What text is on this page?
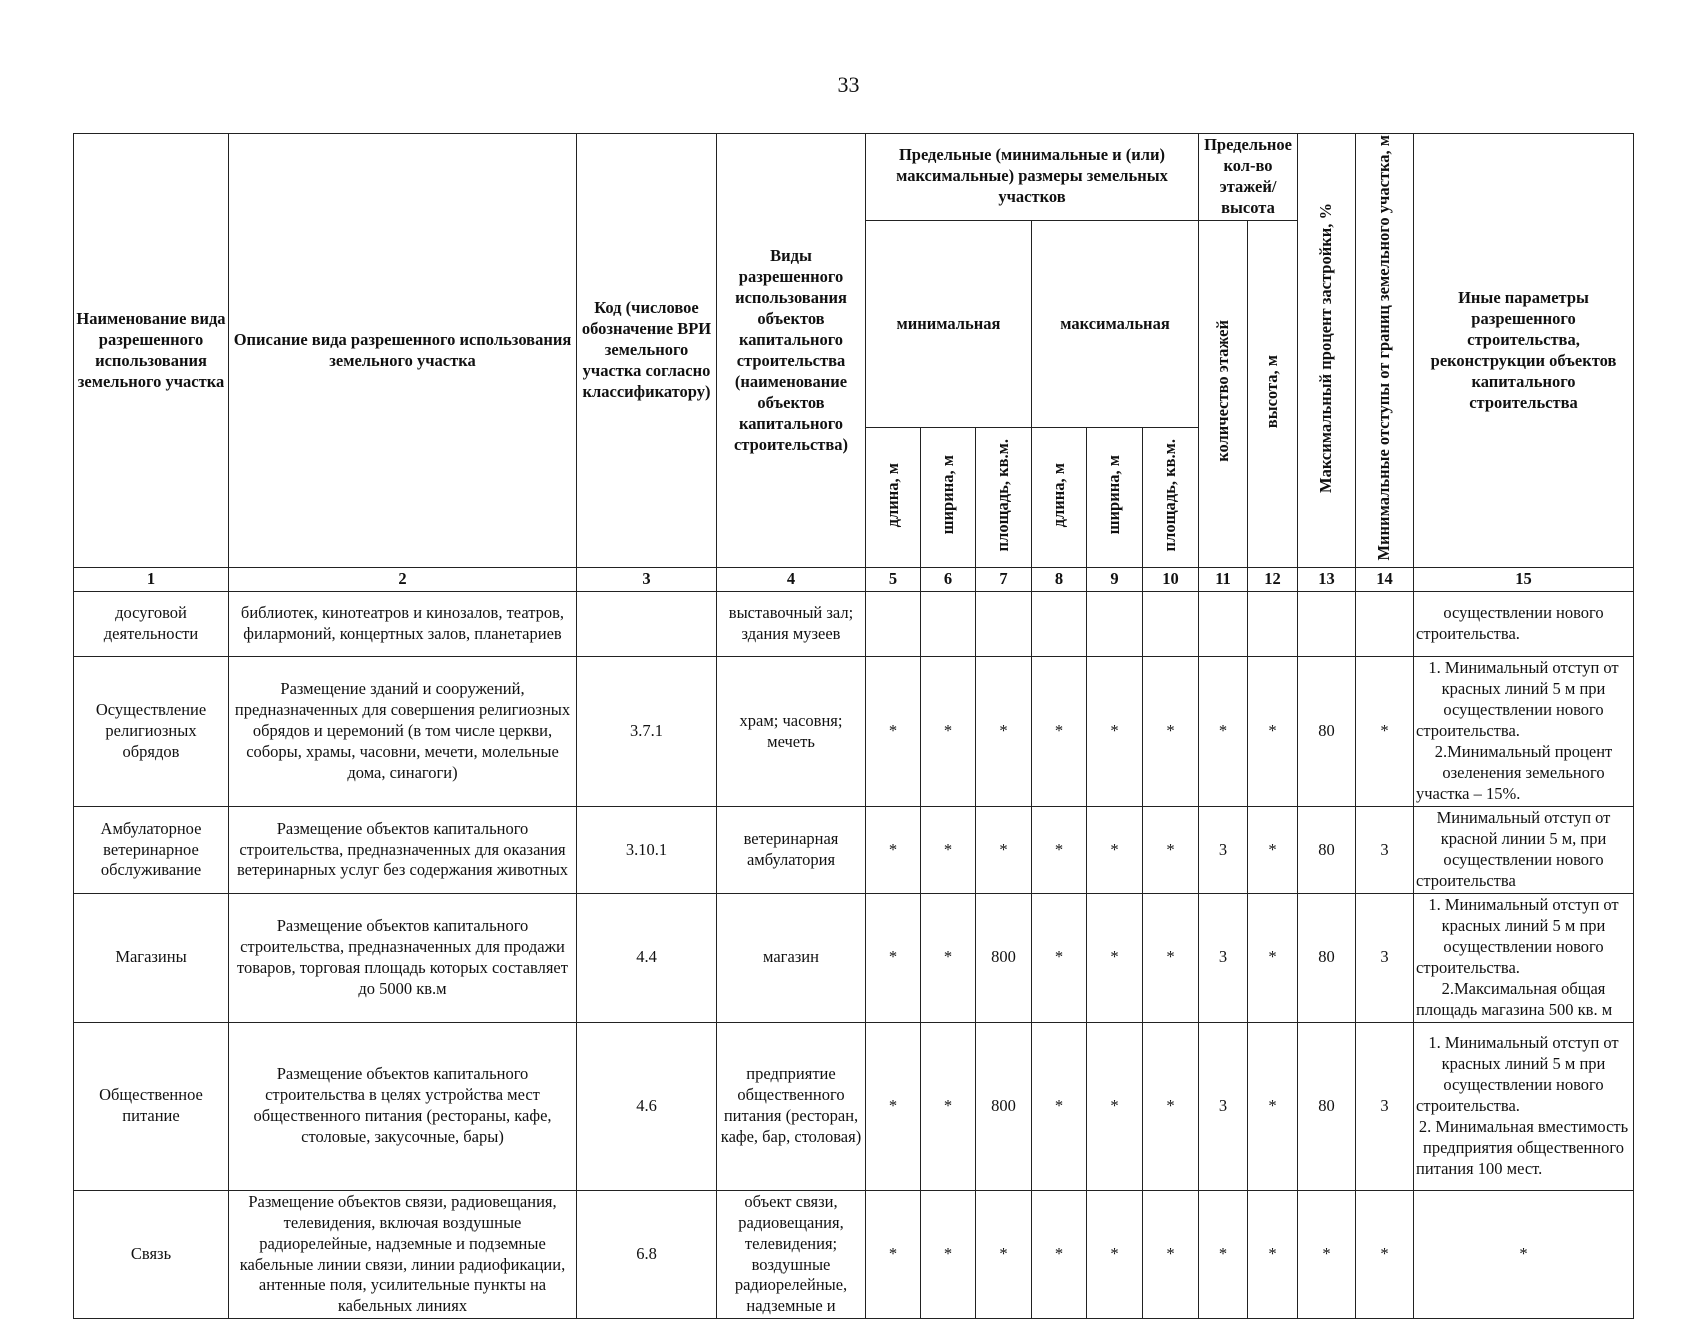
33
Наименование вида разрешенного использования земельного участка	Описание вида разрешенного использования земельного участка	Код (числовое обозначение ВРИ земельного участка согласно классификатору)	Виды разрешенного использования объектов капитального строительства (наименование объектов капитального строительства)	Предельные (минимальные и (или) максимальные) размеры земельных участков						Предельное кол-во этажей/ высота		Максимальный процент застройки, %	Минимальные отступы от границ земельного участка, м	Иные параметры разрешенного строительства, реконструкции объектов капитального строительства
				минимальная			максимальная			количество этажей	высота, м			
				длина, м	ширина, м	площадь, кв.м.	длина, м	ширина, м	площадь, кв.м.					
1	2	3	4	5	6	7	8	9	10	11	12	13	14	15
досуговой деятельности	библиотек, кинотеатров и кинозалов, театров, филармоний, концертных залов, планетариев		выставочный зал; здания музеев											осуществлении нового строительства.

Осуществление религиозных обрядов	Размещение зданий и сооружений, предназначенных для совершения религиозных обрядов и церемоний (в том числе церкви, соборы, храмы, часовни, мечети, молельные дома, синагоги)	3.7.1	храм; часовня; мечеть	*	*	*	*	*	*	*	*	80	*	1. Минимальный отступ от красных линий 5 м при осуществлении нового строительства.
2.Минимальный процент озеленения земельного участка – 15%.

Амбулаторное ветеринарное обслуживание	Размещение объектов капитального строительства, предназначенных для оказания ветеринарных услуг без содержания животных	3.10.1	ветеринарная амбулатория	*	*	*	*	*	*	3	*	80	3	Минимальный отступ от красной линии 5 м, при осуществлении нового строительства

Магазины	Размещение объектов капитального строительства, предназначенных для продажи товаров, торговая площадь которых составляет до 5000 кв.м	4.4	магазин	*	*	800	*	*	*	3	*	80	3	1. Минимальный отступ от красных линий 5 м при осуществлении нового строительства.
2.Максимальная общая площадь магазина 500 кв. м

Общественное питание	Размещение объектов капитального строительства в целях устройства мест общественного питания (рестораны, кафе, столовые, закусочные, бары)	4.6	предприятие общественного питания (ресторан, кафе, бар, столовая)	*	*	800	*	*	*	3	*	80	3	1. Минимальный отступ от красных линий 5 м при осуществлении нового строительства.
2. Минимальная вместимость предприятия общественного питания 100 мест.

Связь	Размещение объектов связи, радиовещания, телевидения, включая воздушные радиорелейные, надземные и подземные кабельные линии связи, линии радиофикации, антенные поля, усилительные пункты на кабельных линиях	6.8	объект связи, радиовещания, телевидения; воздушные радиорелейные, надземные и	*	*	*	*	*	*	*	*	*	*	*
